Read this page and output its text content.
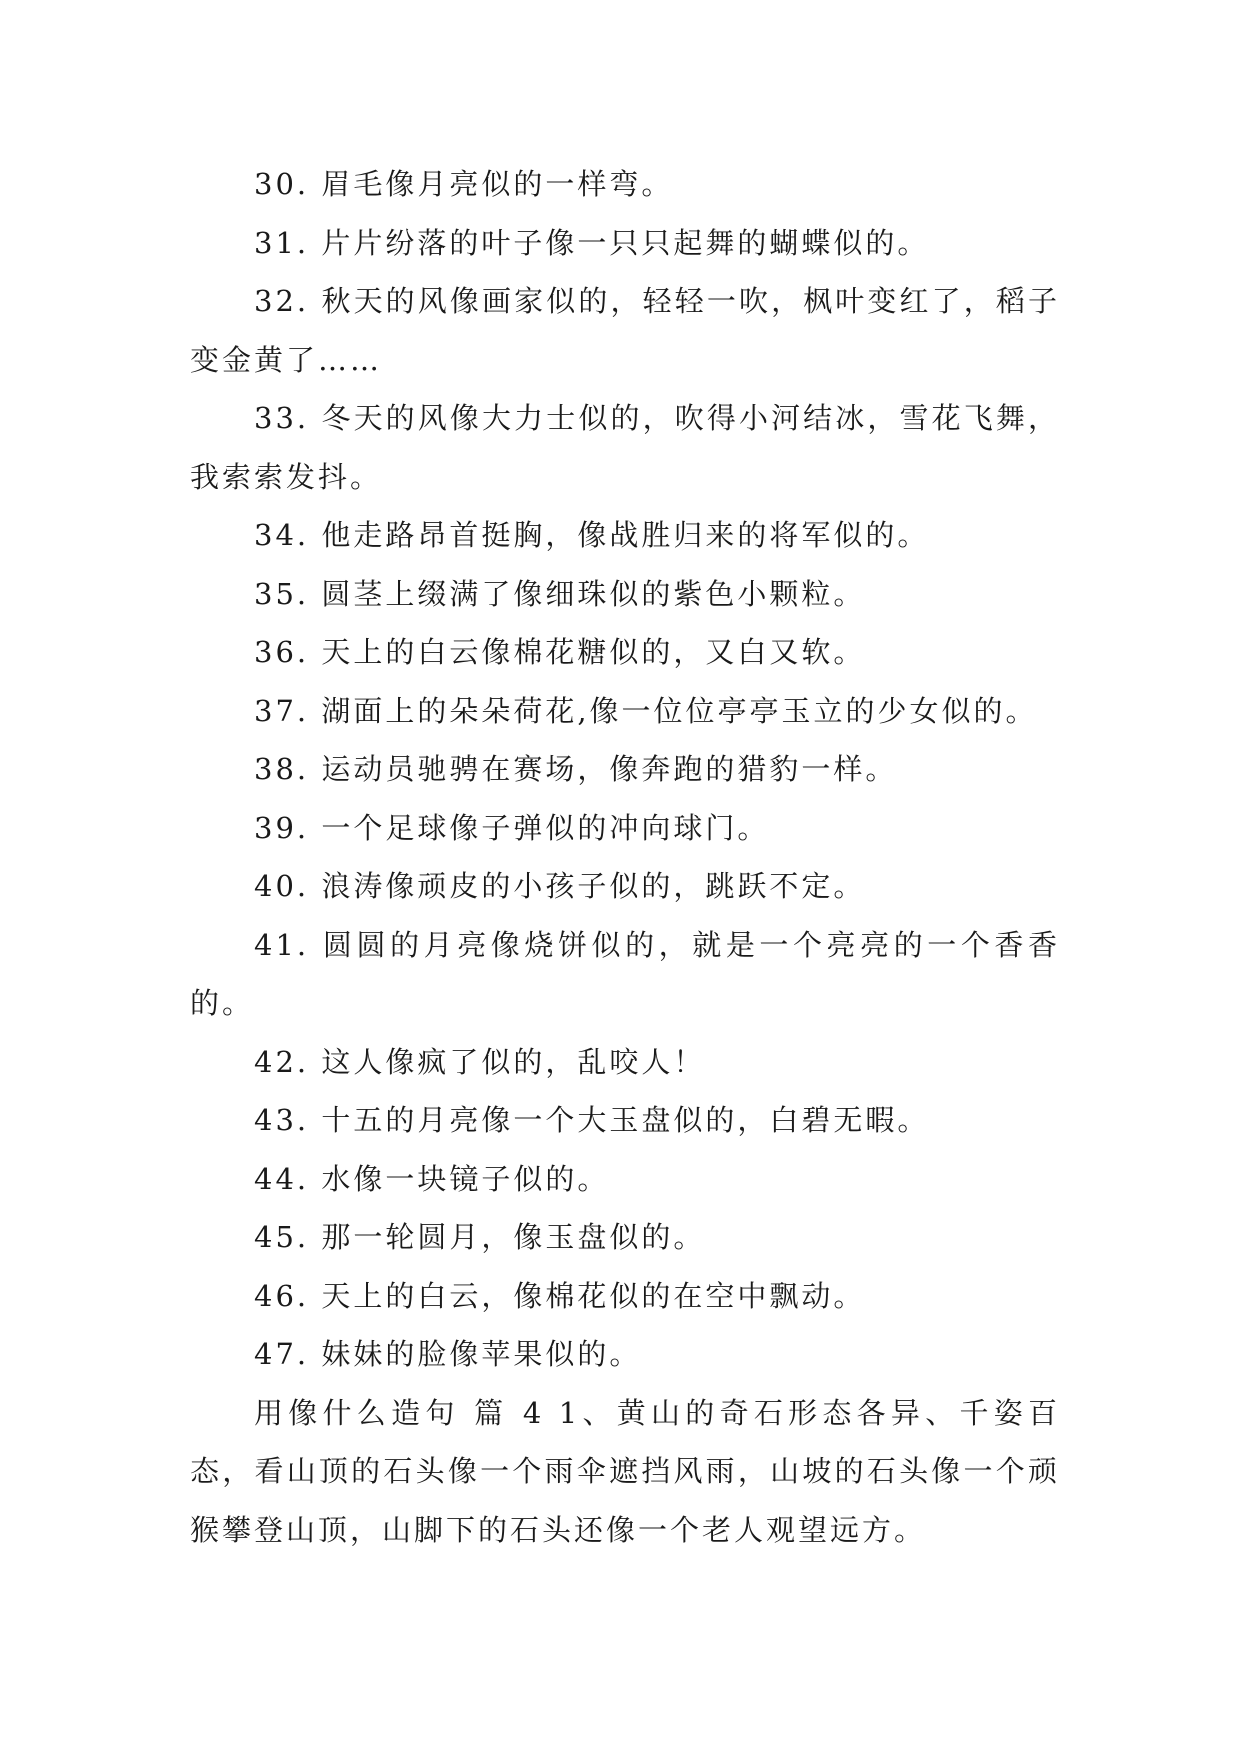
30. 眉毛像月亮似的一样弯。

31. 片片纷落的叶子像一只只起舞的蝴蝶似的。

32. 秋天的风像画家似的，轻轻一吹，枫叶变红了，稻子变金黄了……

33. 冬天的风像大力士似的，吹得小河结冰，雪花飞舞，我索索发抖。

34. 他走路昂首挺胸，像战胜归来的将军似的。

35. 圆茎上缀满了像细珠似的紫色小颗粒。

36. 天上的白云像棉花糖似的，又白又软。

37. 湖面上的朵朵荷花,像一位位亭亭玉立的少女似的。

38. 运动员驰骋在赛场，像奔跑的猎豹一样。

39. 一个足球像子弹似的冲向球门。

40. 浪涛像顽皮的小孩子似的，跳跃不定。

41. 圆圆的月亮像烧饼似的，就是一个亮亮的一个香香的。

42. 这人像疯了似的，乱咬人！

43. 十五的月亮像一个大玉盘似的，白碧无暇。

44. 水像一块镜子似的。

45. 那一轮圆月，像玉盘似的。

46. 天上的白云，像棉花似的在空中飘动。

47. 妹妹的脸像苹果似的。

用像什么造句 篇 4 1、黄山的奇石形态各异、千姿百态，看山顶的石头像一个雨伞遮挡风雨，山坡的石头像一个顽猴攀登山顶，山脚下的石头还像一个老人观望远方。
